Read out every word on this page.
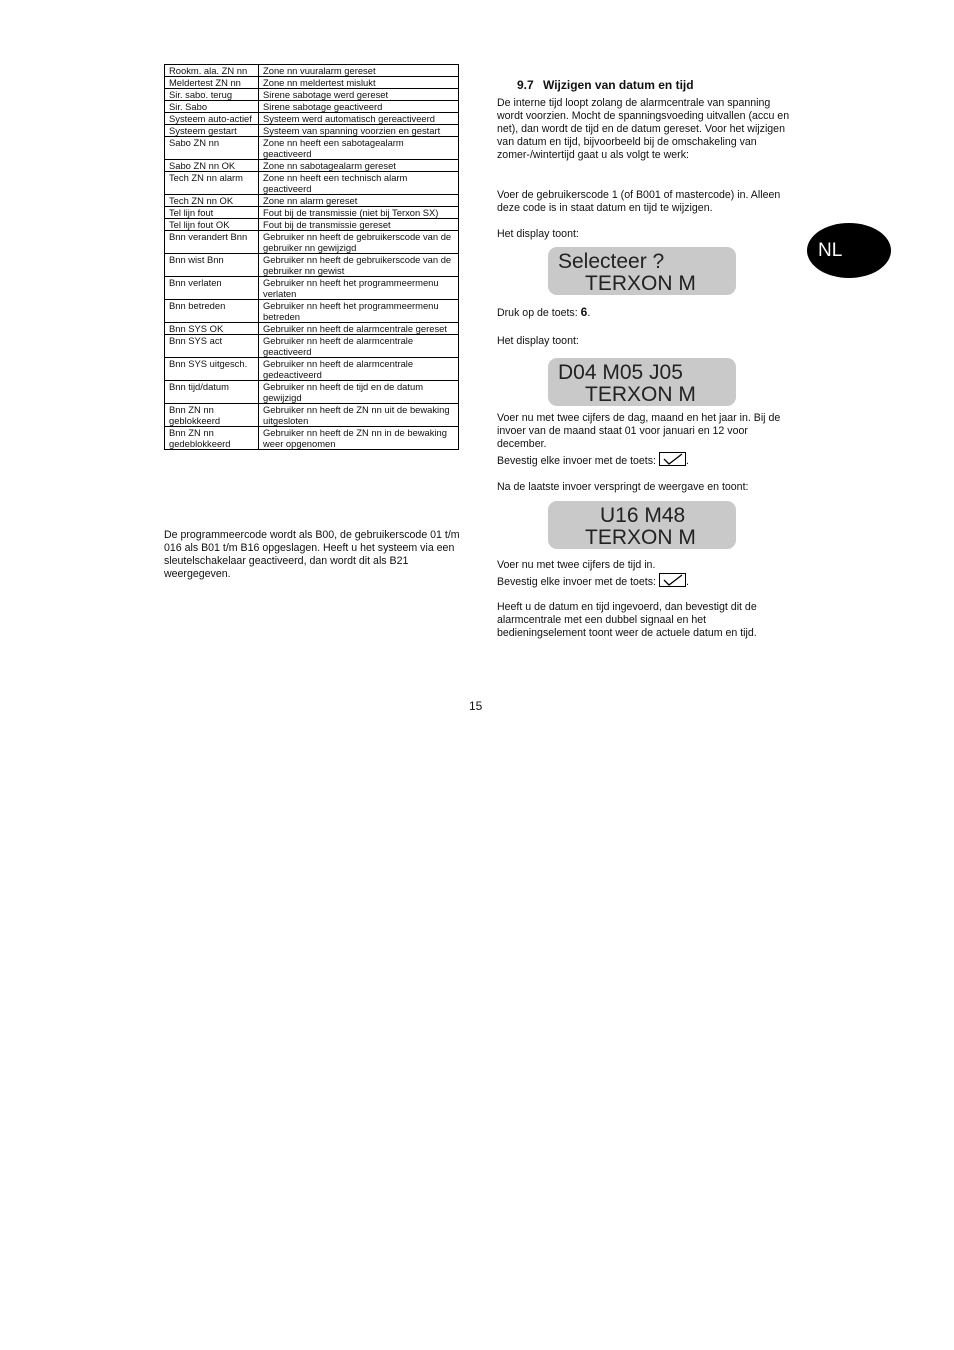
Rookm. ala. ZN nn	Zone nn vuuralarm gereset
Meldertest ZN nn	Zone nn meldertest mislukt
Sir. sabo. terug	Sirene sabotage werd gereset
Sir. Sabo	Sirene sabotage geactiveerd
Systeem auto-actief	Systeem werd automatisch gereactiveerd
Systeem gestart	Systeem van spanning voorzien en gestart
Sabo ZN nn	Zone nn heeft een sabotagealarm geactiveerd
Sabo ZN nn OK	Zone nn sabotagealarm gereset
Tech ZN nn alarm	Zone nn heeft een technisch alarm geactiveerd
Tech ZN nn OK	Zone nn alarm gereset
Tel lijn fout	Fout bij de transmissie (niet bij Terxon SX)
Tel lijn fout OK	Fout bij de transmissie gereset
Bnn verandert Bnn	Gebruiker nn heeft de gebruikerscode van de gebruiker nn gewijzigd
Bnn wist Bnn	Gebruiker nn heeft de gebruikerscode van de gebruiker nn gewist
Bnn verlaten	Gebruiker nn heeft het programmeermenu verlaten
Bnn betreden	Gebruiker nn heeft het programmeermenu betreden
Bnn SYS OK	Gebruiker nn heeft de alarmcentrale gereset
Bnn SYS act	Gebruiker nn heeft de alarmcentrale geactiveerd
Bnn SYS uitgesch.	Gebruiker nn heeft de alarmcentrale gedeactiveerd
Bnn tijd/datum	Gebruiker nn heeft de tijd en de datum gewijzigd
Bnn ZN nn geblokkeerd	Gebruiker nn heeft de ZN nn uit de bewaking uitgesloten
Bnn ZN nn gedeblokkeerd	Gebruiker nn heeft de ZN nn in de bewaking weer opgenomen

De programmeercode wordt als B00, de gebruikerscode 01 t/m 016 als B01 t/m B16 opgeslagen. Heeft u het systeem via een sleutelschakelaar geactiveerd, dan wordt dit als B21 weergegeven.

9.7 Wijzigen van datum en tijd

De interne tijd loopt zolang de alarmcentrale van spanning wordt voorzien. Mocht de spanningsvoeding uitvallen (accu en net), dan wordt de tijd en de datum gereset. Voor het wijzigen van datum en tijd, bijvoorbeeld bij de omschakeling van zomer-/wintertijd gaat u als volgt te werk:

Voer de gebruikerscode 1 (of B001 of mastercode) in. Alleen deze code is in staat datum en tijd te wijzigen.

Het display toont:

Selecteer ?
TERXON M

Druk op de toets: 6.

Het display toont:

D04 M05 J05
TERXON M

Voer nu met twee cijfers de dag, maand en het jaar in. Bij de invoer van de maand staat 01 voor januari en 12 voor december.

Bevestig elke invoer met de toets:	.

Na de laatste invoer verspringt de weergave en toont:

U16 M48
TERXON M

Voer nu met twee cijfers de tijd in.

Bevestig elke invoer met de toets:	.

Heeft u de datum en tijd ingevoerd, dan bevestigt dit de alarmcentrale met een dubbel signaal en het bedieningselement toont weer de actuele datum en tijd.

NL

15
